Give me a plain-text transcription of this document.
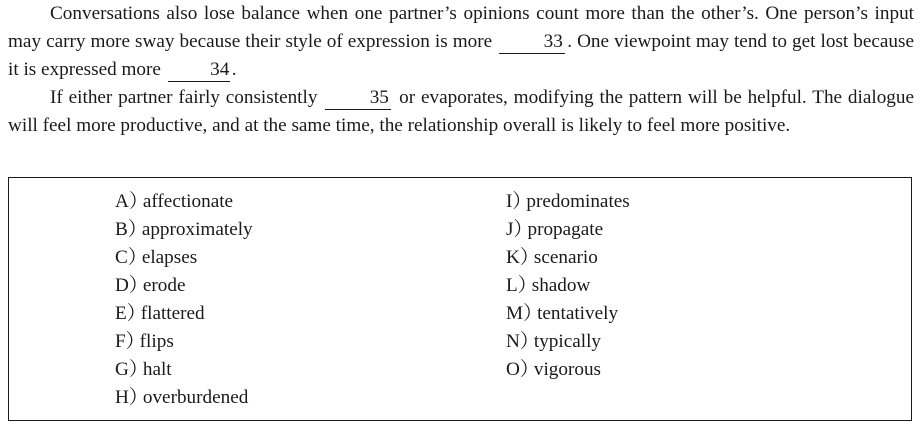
Conversations also lose balance when one partner’s opinions count more than the other’s. One person’s input may carry more sway because their style of expression is more	33 . One viewpoint may tend to get lost because it is expressed more	34 .

If either partner fairly consistently	35 or evaporates, modifying the pattern will be helpful. The dialogue will feel more productive, and at the same time, the relationship overall is likely to feel more positive.

A）affectionate
B）approximately
C）elapses
D）erode
E）flattered
F）flips
G）halt
H）overburdened
I）predominates
J）propagate
K）scenario
L）shadow
M）tentatively
N）typically
O）vigorous
